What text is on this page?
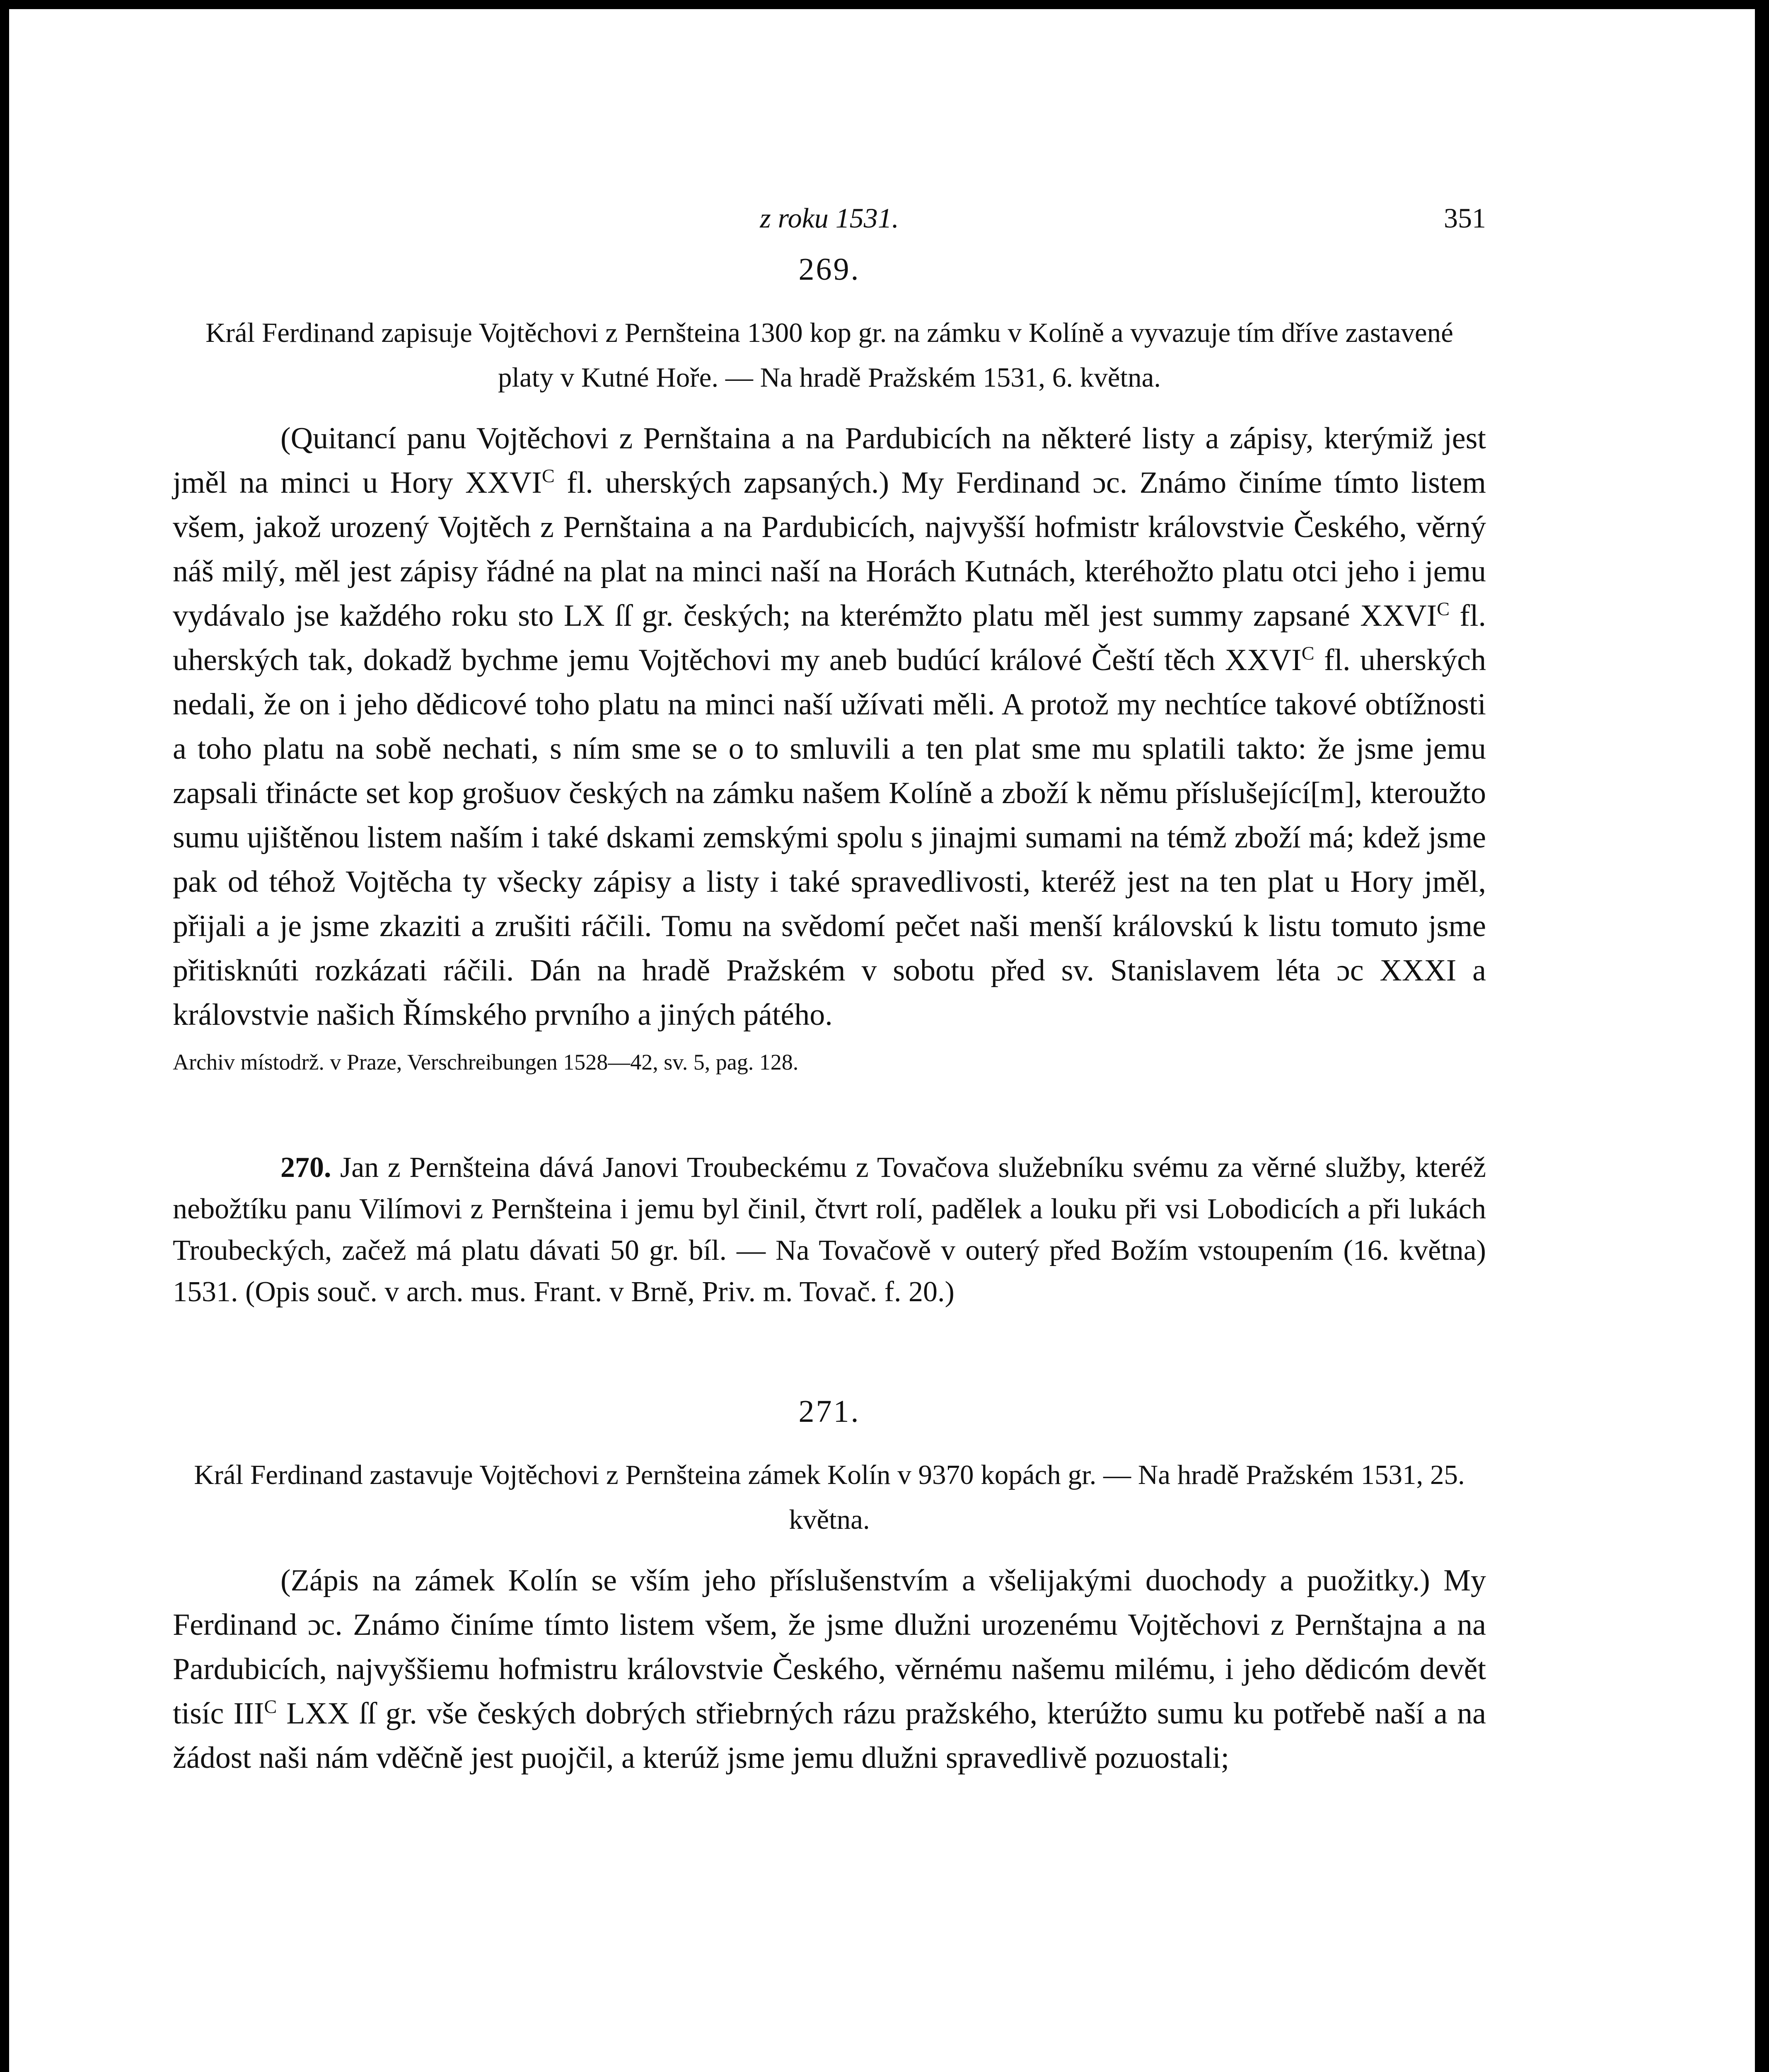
z roku 1531.	351
269.

Král Ferdinand zapisuje Vojtěchovi z Pernšteina 1300 kop gr. na zámku v Kolíně a vyvazuje tím dříve zastavené platy v Kutné Hoře. — Na hradě Pražském 1531, 6. května.

(Quitancí panu Vojtěchovi z Pernštaina a na Pardubicích na některé listy a zápisy, kterýmiž jest jměl na minci u Hory $XXVI^C$ fl. uherských zapsaných.) My Ferdinand ɔc. Známo činíme tímto listem všem, jakož urozený Vojtěch z Pernštaina a na Pardubicích, najvyšší hofmistr královstvie Českého, věrný náš milý, měl jest zápisy řádné na plat na minci naší na Horách Kutnách, kteréhožto platu otci jeho i jemu vydávalo jse každého roku sto LX ſſ gr. českých; na kterémžto platu měl jest summy zapsané $XXVI^C$ fl. uherských tak, dokadž bychme jemu Vojtěchovi my aneb budúcí králové Čeští těch $XXVI^C$ fl. uherských nedali, že on i jeho dědicové toho platu na minci naší užívati měli. A protož my nechtíce takové obtížnosti a toho platu na sobě nechati, s ním sme se o to smluvili a ten plat sme mu splatili takto: že jsme jemu zapsali třinácte set kop grošuov českých na zámku našem Kolíně a zboží k němu příslušející[m], kteroužto sumu ujištěnou listem naším i také dskami zemskými spolu s jinajmi sumami na témž zboží má; kdež jsme pak od téhož Vojtěcha ty všecky zápisy a listy i také spravedlivosti, kteréž jest na ten plat u Hory jměl, přijali a je jsme zkaziti a zrušiti ráčili. Tomu na svědomí pečet naši menší královskú k listu tomuto jsme přitisknúti rozkázati ráčili. Dán na hradě Pražském v sobotu před sv. Stanislavem léta ɔc XXXI a královstvie našich Římského prvního a jiných pátého.

Archiv místodrž. v Praze, Verschreibungen 1528—42, sv. 5, pag. 128.

270. Jan z Pernšteina dává Janovi Troubeckému z Tovačova služebníku svému za věrné služby, kteréž nebožtíku panu Vilímovi z Pernšteina i jemu byl činil, čtvrt rolí, padělek a louku při vsi Lobodicích a při lukách Troubeckých, začež má platu dávati 50 gr. bíl. — Na Tovačově v outerý před Božím vstoupením (16. května) 1531. (Opis souč. v arch. mus. Frant. v Brně, Priv. m. Tovač. f. 20.)

271.

Král Ferdinand zastavuje Vojtěchovi z Pernšteina zámek Kolín v 9370 kopách gr. — Na hradě Pražském 1531, 25. května.

(Zápis na zámek Kolín se vším jeho příslušenstvím a všelijakými duochody a puožitky.) My Ferdinand ɔc. Známo činíme tímto listem všem, že jsme dlužni urozenému Vojtěchovi z Pernštajna a na Pardubicích, najvyššiemu hofmistru královstvie Českého, věrnému našemu milému, i jeho dědicóm devět tisíc $III^C$ LXX ſſ gr. vše českých dobrých střiebrných rázu pražského, kterúžto sumu ku potřebě naší a na žádost naši nám vděčně jest puojčil, a kterúž jsme jemu dlužni spravedlivě pozuostali;
